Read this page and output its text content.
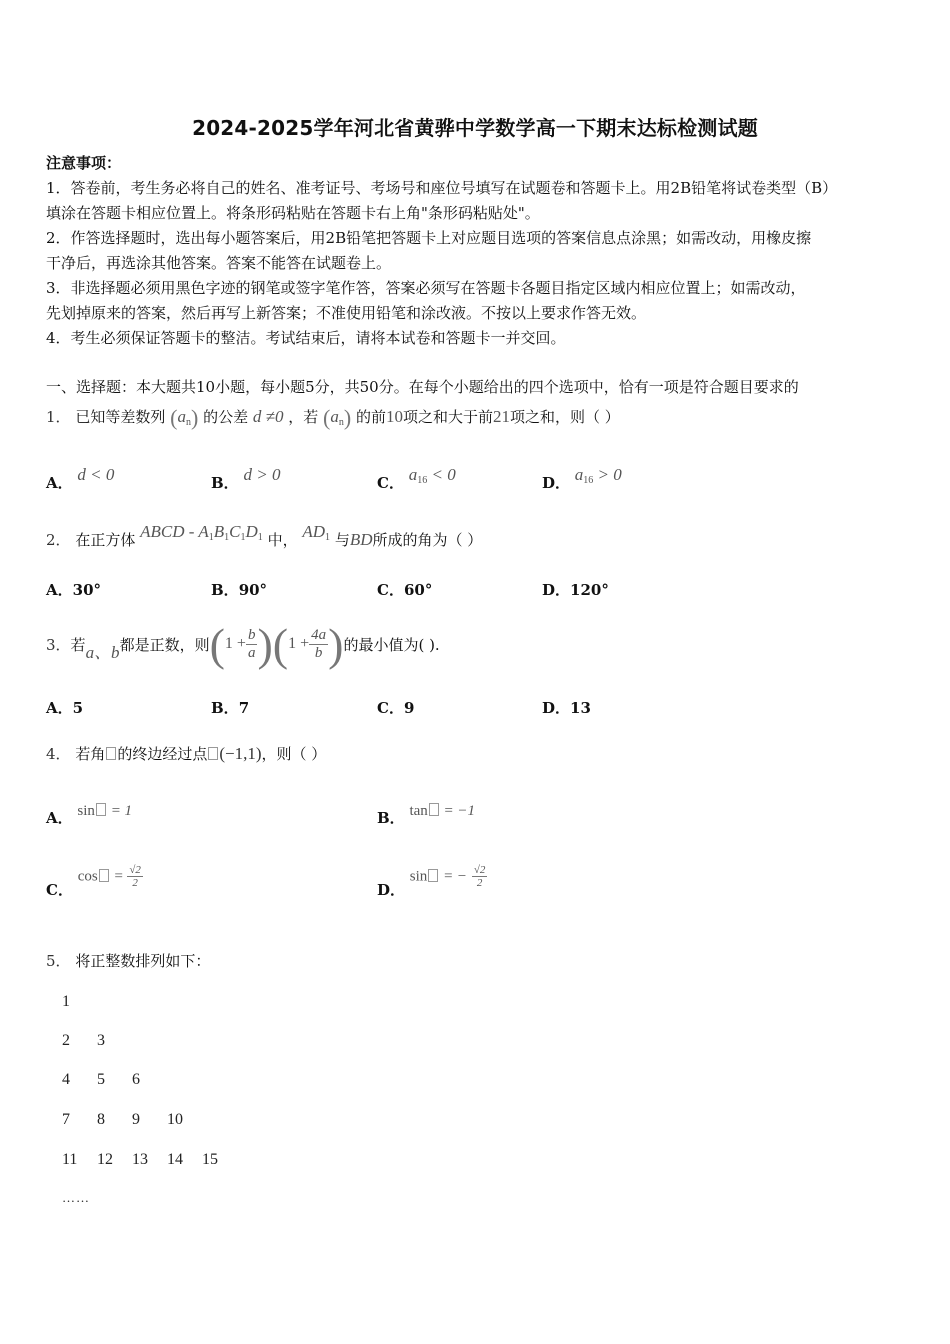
2024-2025学年河北省黄骅中学数学高一下期末达标检测试题
注意事项：
1．答卷前，考生务必将自己的姓名、准考证号、考场号和座位号填写在试题卷和答题卡上。用2B铅笔将试卷类型（B）
填涂在答题卡相应位置上。将条形码粘贴在答题卡右上角"条形码粘贴处"。
2．作答选择题时，选出每小题答案后，用2B铅笔把答题卡上对应题目选项的答案信息点涂黑；如需改动，用橡皮擦
干净后，再选涂其他答案。答案不能答在试题卷上。
3．非选择题必须用黑色字迹的钢笔或签字笔作答，答案必须写在答题卡各题目指定区域内相应位置上；如需改动，
先划掉原来的答案，然后再写上新答案；不准使用铅笔和涂改液。不按以上要求作答无效。
4．考生必须保证答题卡的整洁。考试结束后，请将本试卷和答题卡一并交回。
一、选择题：本大题共10小题，每小题5分，共50分。在每个小题给出的四个选项中，恰有一项是符合题目要求的
1． 已知等差数列 $(a_n)$ 的公差 d ≠0 ，若 $(a_n)$ 的前10项之和大于前21项之和，则（ ）
A． d < 0	B． d > 0	C． $a_{16} < 0$	D． $a_{16} > 0$
2． 在正方体 ABCD - $A_1B_1C_1D_1$ 中， $AD_1$ 与BD所成的角为（ ）
A．30°	B．90°	C．60°	D．120°
3． 若 a、b 都是正数，则 ( $1 + \frac{b}{a}$ ) ( $1 + \frac{4a}{b}$ ) 的最小值为( ).
A．5	B．7	C．9	D．13
4． 若角 的终边经过点 (−1,1)，则（ ）
A． sin = 1	B． tan = −1
C． $\cos = \frac{√2}{2}$
D． sin = − $\frac{√2}{2}$
5． 将正整数排列如下：
1
2 3
4 5 6
7 8 9 10
11 12 13 14 15
……
